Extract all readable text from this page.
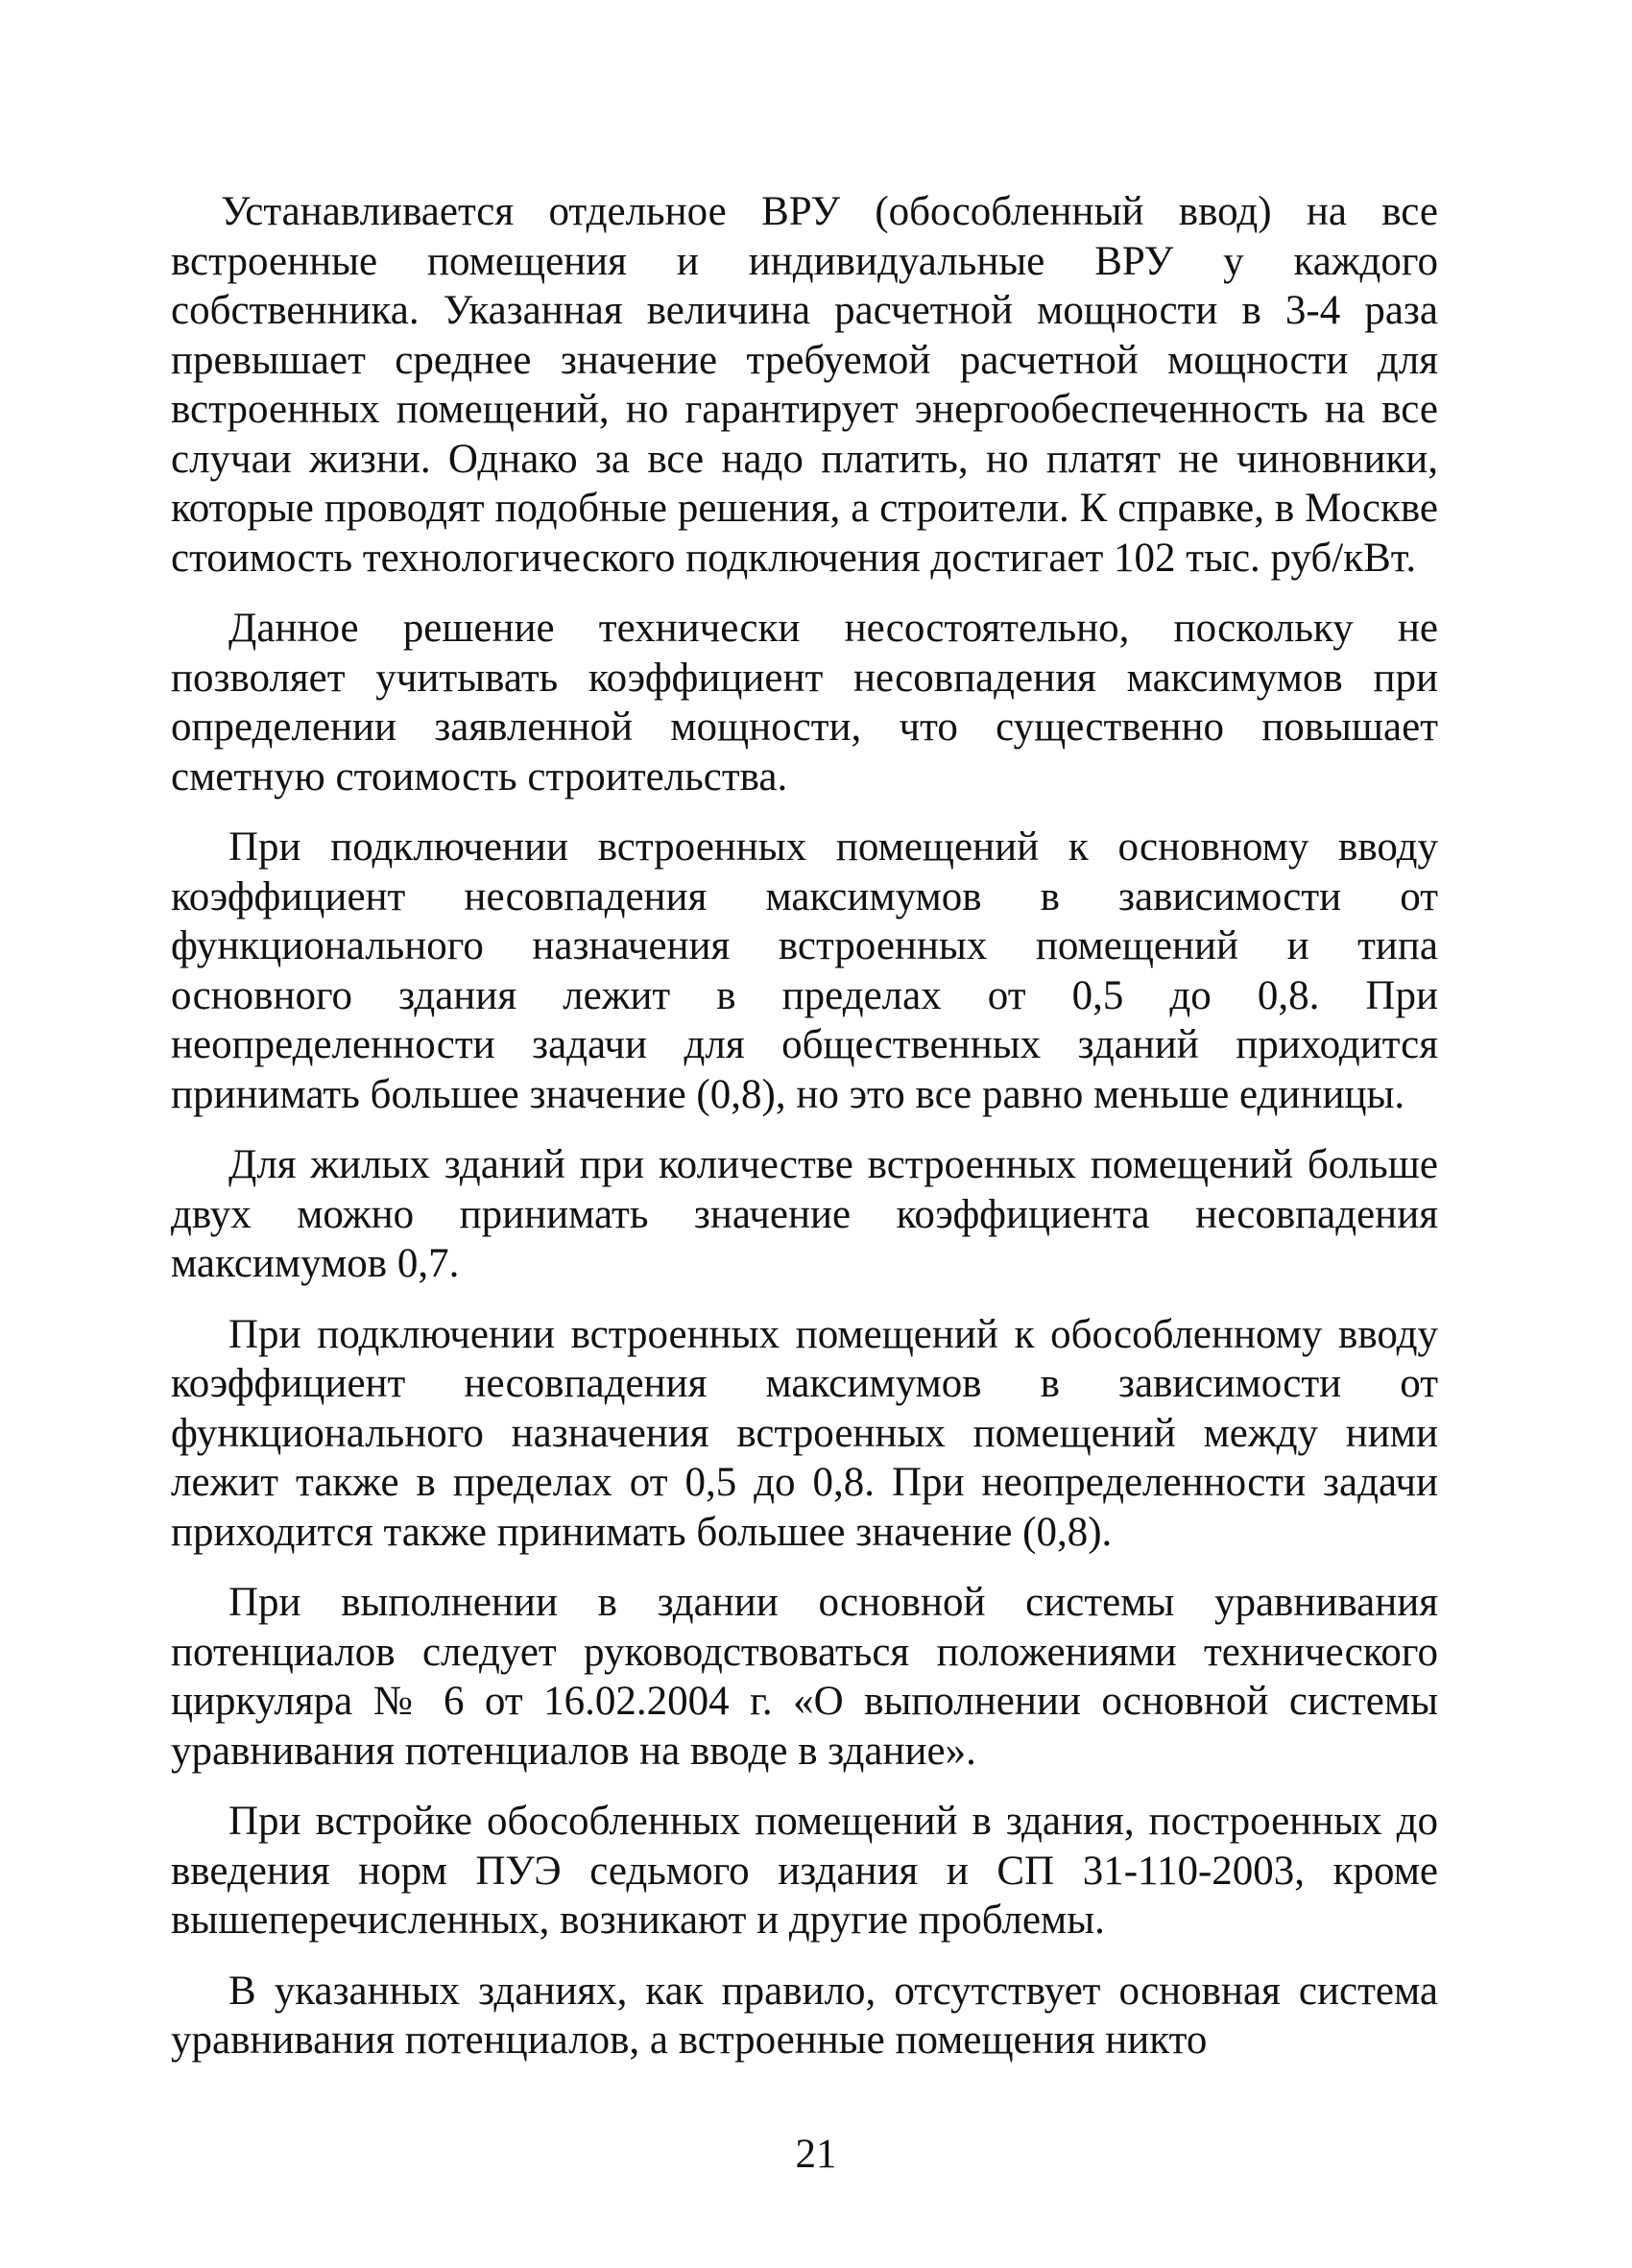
Устанавливается отдельное ВРУ (обособленный ввод) на все встроенные помещения и индивидуальные ВРУ у каждого собственника. Указанная величина расчетной мощности в 3-4 раза превышает среднее значение требуемой расчетной мощности для встроенных помещений, но гарантирует энергообеспеченность на все случаи жизни. Однако за все надо платить, но платят не чиновники, которые проводят подобные решения, а строители. К справке, в Москве стоимость технологического подключения достигает 102 тыс. руб/кВт.

Данное решение технически несостоятельно, поскольку не позволяет учитывать коэффициент несовпадения максимумов при определении заявленной мощности, что существенно повышает сметную стоимость строительства.

При подключении встроенных помещений к основному вводу коэффициент несовпадения максимумов в зависимости от функционального назначения встроенных помещений и типа основного здания лежит в пределах от 0,5 до 0,8. При неопределенности задачи для общественных зданий приходится принимать большее значение (0,8), но это все равно меньше единицы.

Для жилых зданий при количестве встроенных помещений больше двух можно принимать значение коэффициента несовпадения максимумов 0,7.

При подключении встроенных помещений к обособленному вводу коэффициент несовпадения максимумов в зависимости от функционального назначения встроенных помещений между ними лежит также в пределах от 0,5 до 0,8. При неопределенности задачи приходится также принимать большее значение (0,8).

При выполнении в здании основной системы уравнивания потенциалов следует руководствоваться положениями технического циркуляра № 6 от 16.02.2004 г. «О выполнении основной системы уравнивания потенциалов на вводе в здание».

При встройке обособленных помещений в здания, построенных до введения норм ПУЭ седьмого издания и СП 31-110-2003, кроме вышеперечисленных, возникают и другие проблемы.

В указанных зданиях, как правило, отсутствует основная система уравнивания потенциалов, а встроенные помещения никто

21
